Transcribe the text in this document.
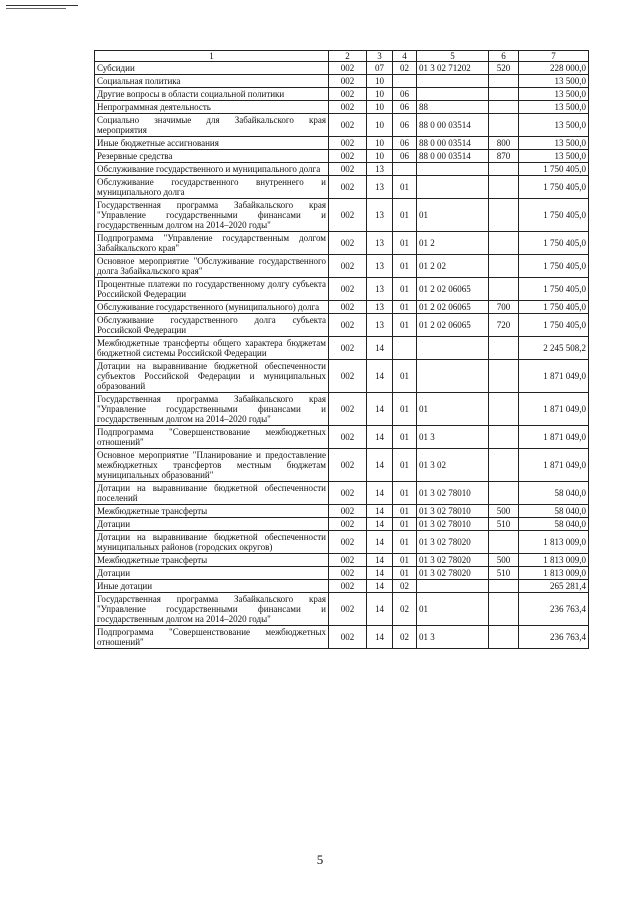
1	2	3	4	5	6	7
Субсидии	002	07	02	01 3 02 71202	520	228 000,0
Социальная политика	002	10				13 500,0
Другие вопросы в области социальной политики	002	10	06			13 500,0
Непрограммная деятельность	002	10	06	88		13 500,0
Социально значимые для Забайкальского края мероприятия	002	10	06	88 0 00 03514		13 500,0
Иные бюджетные ассигнования	002	10	06	88 0 00 03514	800	13 500,0
Резервные средства	002	10	06	88 0 00 03514	870	13 500,0
Обслуживание государственного и муниципального долга	002	13				1 750 405,0
Обслуживание государственного внутреннего и муниципального долга	002	13	01			1 750 405,0
Государственная программа Забайкальского края "Управление государственными финансами и государственным долгом на 2014–2020 годы"	002	13	01	01		1 750 405,0
Подпрограмма "Управление государственным долгом Забайкальского края"	002	13	01	01 2		1 750 405,0
Основное мероприятие "Обслуживание государственного долга Забайкальского края"	002	13	01	01 2 02		1 750 405,0
Процентные платежи по государственному долгу субъекта Российской Федерации	002	13	01	01 2 02 06065		1 750 405,0
Обслуживание государственного (муниципального) долга	002	13	01	01 2 02 06065	700	1 750 405,0
Обслуживание государственного долга субъекта Российской Федерации	002	13	01	01 2 02 06065	720	1 750 405,0
Межбюджетные трансферты общего характера бюджетам бюджетной системы Российской Федерации	002	14				2 245 508,2
Дотации на выравнивание бюджетной обеспеченности субъектов Российской Федерации и муниципальных образований	002	14	01			1 871 049,0
Государственная программа Забайкальского края "Управление государственными финансами и государственным долгом на 2014–2020 годы"	002	14	01	01		1 871 049,0
Подпрограмма "Совершенствование межбюджетных отношений"	002	14	01	01 3		1 871 049,0
Основное мероприятие "Планирование и предоставление межбюджетных трансфертов местным бюджетам муниципальных образований"	002	14	01	01 3 02		1 871 049,0
Дотации на выравнивание бюджетной обеспеченности поселений	002	14	01	01 3 02 78010		58 040,0
Межбюджетные трансферты	002	14	01	01 3 02 78010	500	58 040,0
Дотации	002	14	01	01 3 02 78010	510	58 040,0
Дотации на выравнивание бюджетной обеспеченности муниципальных районов (городских округов)	002	14	01	01 3 02 78020		1 813 009,0
Межбюджетные трансферты	002	14	01	01 3 02 78020	500	1 813 009,0
Дотации	002	14	01	01 3 02 78020	510	1 813 009,0
Иные дотации	002	14	02			265 281,4
Государственная программа Забайкальского края "Управление государственными финансами и государственным долгом на 2014–2020 годы"	002	14	02	01		236 763,4
Подпрограмма "Совершенствование межбюджетных отношений"	002	14	02	01 3		236 763,4
5
